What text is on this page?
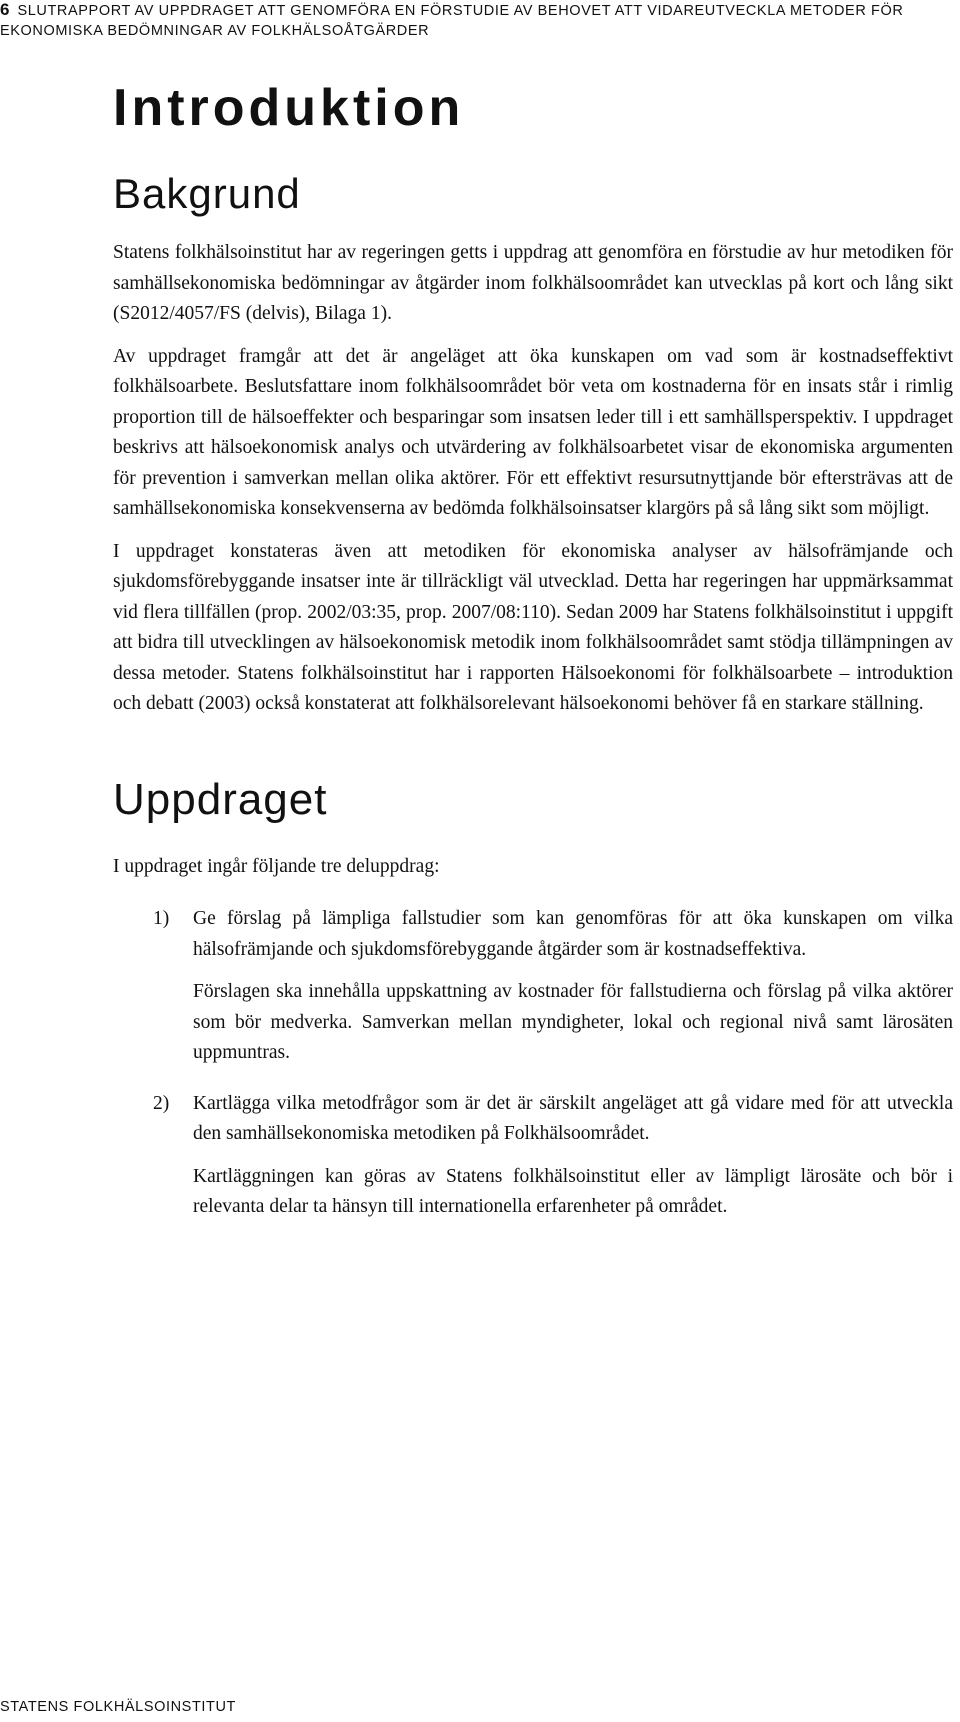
6 SLUTRAPPORT AV UPPDRAGET ATT GENOMFÖRA EN FÖRSTUDIE AV BEHOVET ATT VIDAREUTVECKLA METODER FÖR EKONOMISKA BEDÖMNINGAR AV FOLKHÄLSOÅTGÄRDER
Introduktion
Bakgrund

Statens folkhälsoinstitut har av regeringen getts i uppdrag att genomföra en förstudie av hur metodiken för samhällsekonomiska bedömningar av åtgärder inom folkhälsoområdet kan utvecklas på kort och lång sikt (S2012/4057/FS (delvis), Bilaga 1).

Av uppdraget framgår att det är angeläget att öka kunskapen om vad som är kostnadseffektivt folkhälsoarbete. Beslutsfattare inom folkhälsoområdet bör veta om kostnaderna för en insats står i rimlig proportion till de hälsoeffekter och besparingar som insatsen leder till i ett samhällsperspektiv. I uppdraget beskrivs att hälsoekonomisk analys och utvärdering av folkhälsoarbetet visar de ekonomiska argumenten för prevention i samverkan mellan olika aktörer. För ett effektivt resursutnyttjande bör eftersträvas att de samhällsekonomiska konsekvenserna av bedömda folkhälsoinsatser klargörs på så lång sikt som möjligt.

I uppdraget konstateras även att metodiken för ekonomiska analyser av hälsofrämjande och sjukdomsförebyggande insatser inte är tillräckligt väl utvecklad. Detta har regeringen har uppmärksammat vid flera tillfällen (prop. 2002/03:35, prop. 2007/08:110). Sedan 2009 har Statens folkhälsoinstitut i uppgift att bidra till utvecklingen av hälsoekonomisk metodik inom folkhälsoområdet samt stödja tillämpningen av dessa metoder. Statens folkhälsoinstitut har i rapporten Hälsoekonomi för folkhälsoarbete – introduktion och debatt (2003) också konstaterat att folkhälsorelevant hälsoekonomi behöver få en starkare ställning.

Uppdraget

I uppdraget ingår följande tre deluppdrag:

1) Ge förslag på lämpliga fallstudier som kan genomföras för att öka kunskapen om vilka hälsofrämjande och sjukdomsförebyggande åtgärder som är kostnadseffektiva.

Förslagen ska innehålla uppskattning av kostnader för fallstudierna och förslag på vilka aktörer som bör medverka. Samverkan mellan myndigheter, lokal och regional nivå samt lärosäten uppmuntras.

2) Kartlägga vilka metodfrågor som är det är särskilt angeläget att gå vidare med för att utveckla den samhällsekonomiska metodiken på Folkhälsoområdet.

Kartläggningen kan göras av Statens folkhälsoinstitut eller av lämpligt lärosäte och bör i relevanta delar ta hänsyn till internationella erfarenheter på området.

STATENS FOLKHÄLSOINSTITUT
